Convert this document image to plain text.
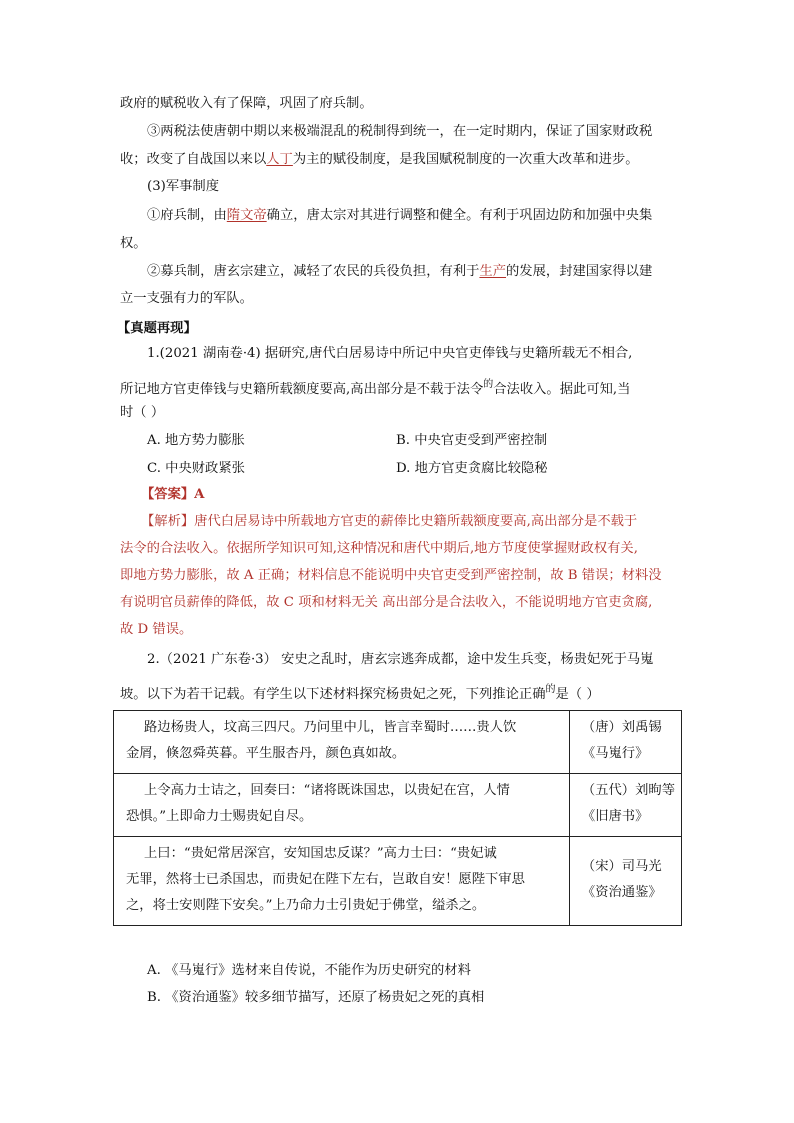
政府的赋税收入有了保障，巩固了府兵制。
③两税法使唐朝中期以来极端混乱的税制得到统一，在一定时期内，保证了国家财政税
收；改变了自战国以来以人丁为主的赋役制度，是我国赋税制度的一次重大改革和进步。
(3)军事制度
①府兵制，由隋文帝确立，唐太宗对其进行调整和健全。有利于巩固边防和加强中央集
权。
②募兵制，唐玄宗建立，减轻了农民的兵役负担，有利于生产的发展，封建国家得以建
立一支强有力的军队。
【真题再现】
1.(2021 湖南卷·4) 据研究,唐代白居易诗中所记中央官吏俸钱与史籍所载无不相合,
所记地方官吏俸钱与史籍所载额度要高,高出部分是不载于法令$^的$合法收入。据此可知,当
时（ ）
A. 地方势力膨胀	B. 中央官吏受到严密控制
C. 中央财政紧张	D. 地方官吏贪腐比较隐秘
【答案】A
【解析】唐代白居易诗中所载地方官吏的薪俸比史籍所载额度要高,高出部分是不载于
法令的合法收入。依据所学知识可知,这种情况和唐代中期后,地方节度使掌握财政权有关,
即地方势力膨胀，故 A 正确；材料信息不能说明中央官吏受到严密控制，故 B 错误；材料没
有说明官员薪俸的降低，故 C 项和材料无关 高出部分是合法收入，不能说明地方官吏贪腐,
故 D 错误。
2.（2021 广东卷·3） 安史之乱时，唐玄宗逃奔成都，途中发生兵变，杨贵妃死于马嵬
坡。以下为若干记载。有学生以下述材料探究杨贵妃之死，下列推论正确$^的$是（ ）
路边杨贵人，坟高三四尺。乃问里中儿，皆言幸蜀时……贵人饮
金屑，倏忽舜英暮。平生服杏丹，颜色真如故。	（唐）刘禹锡
《马嵬行》
上令高力士诘之，回奏曰：“诸将既诛国忠，以贵妃在宫，人情
恐惧。”上即命力士赐贵妃自尽。	（五代）刘昫等
《旧唐书》
上曰：“贵妃常居深宫，安知国忠反谋？”高力士曰：“贵妃诚
无罪，然将士已杀国忠，而贵妃在陛下左右，岂敢自安！愿陛下审思
之，将士安则陛下安矣。”上乃命力士引贵妃于佛堂，缢杀之。	（宋）司马光
《资治通鉴》
A. 《马嵬行》选材来自传说，不能作为历史研究的材料
B. 《资治通鉴》较多细节描写，还原了杨贵妃之死的真相
